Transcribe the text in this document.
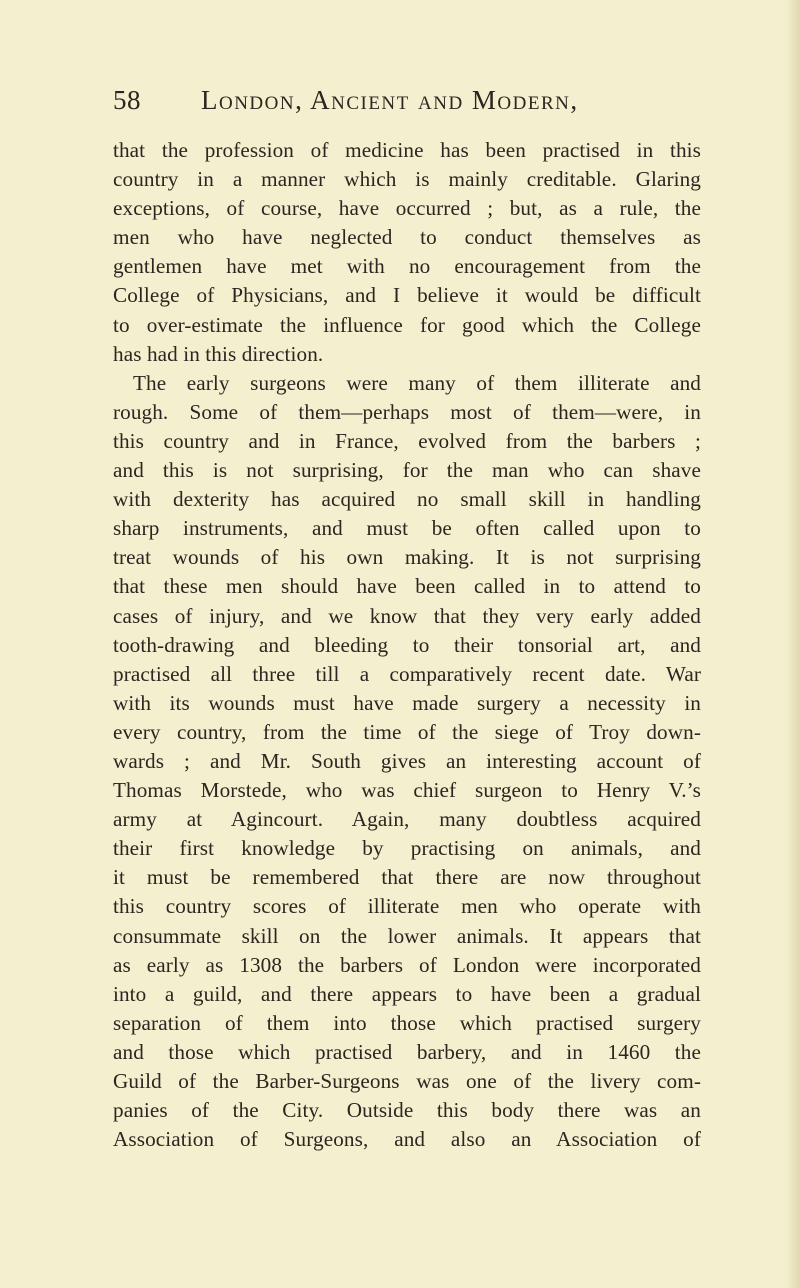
58 London, Ancient and Modern,
that the profession of medicine has been practised in this
country in a manner which is mainly creditable. Glaring
exceptions, of course, have occurred ; but, as a rule, the
men who have neglected to conduct themselves as
gentlemen have met with no encouragement from the
College of Physicians, and I believe it would be difficult
to over-estimate the influence for good which the College
has had in this direction.
The early surgeons were many of them illiterate and
rough. Some of them—perhaps most of them—were, in
this country and in France, evolved from the barbers ;
and this is not surprising, for the man who can shave
with dexterity has acquired no small skill in handling
sharp instruments, and must be often called upon to
treat wounds of his own making. It is not surprising
that these men should have been called in to attend to
cases of injury, and we know that they very early added
tooth-drawing and bleeding to their tonsorial art, and
practised all three till a comparatively recent date. War
with its wounds must have made surgery a necessity in
every country, from the time of the siege of Troy down-
wards ; and Mr. South gives an interesting account of
Thomas Morstede, who was chief surgeon to Henry V.’s
army at Agincourt. Again, many doubtless acquired
their first knowledge by practising on animals, and
it must be remembered that there are now throughout
this country scores of illiterate men who operate with
consummate skill on the lower animals. It appears that
as early as 1308 the barbers of London were incorporated
into a guild, and there appears to have been a gradual
separation of them into those which practised surgery
and those which practised barbery, and in 1460 the
Guild of the Barber-Surgeons was one of the livery com-
panies of the City. Outside this body there was an
Association of Surgeons, and also an Association of
